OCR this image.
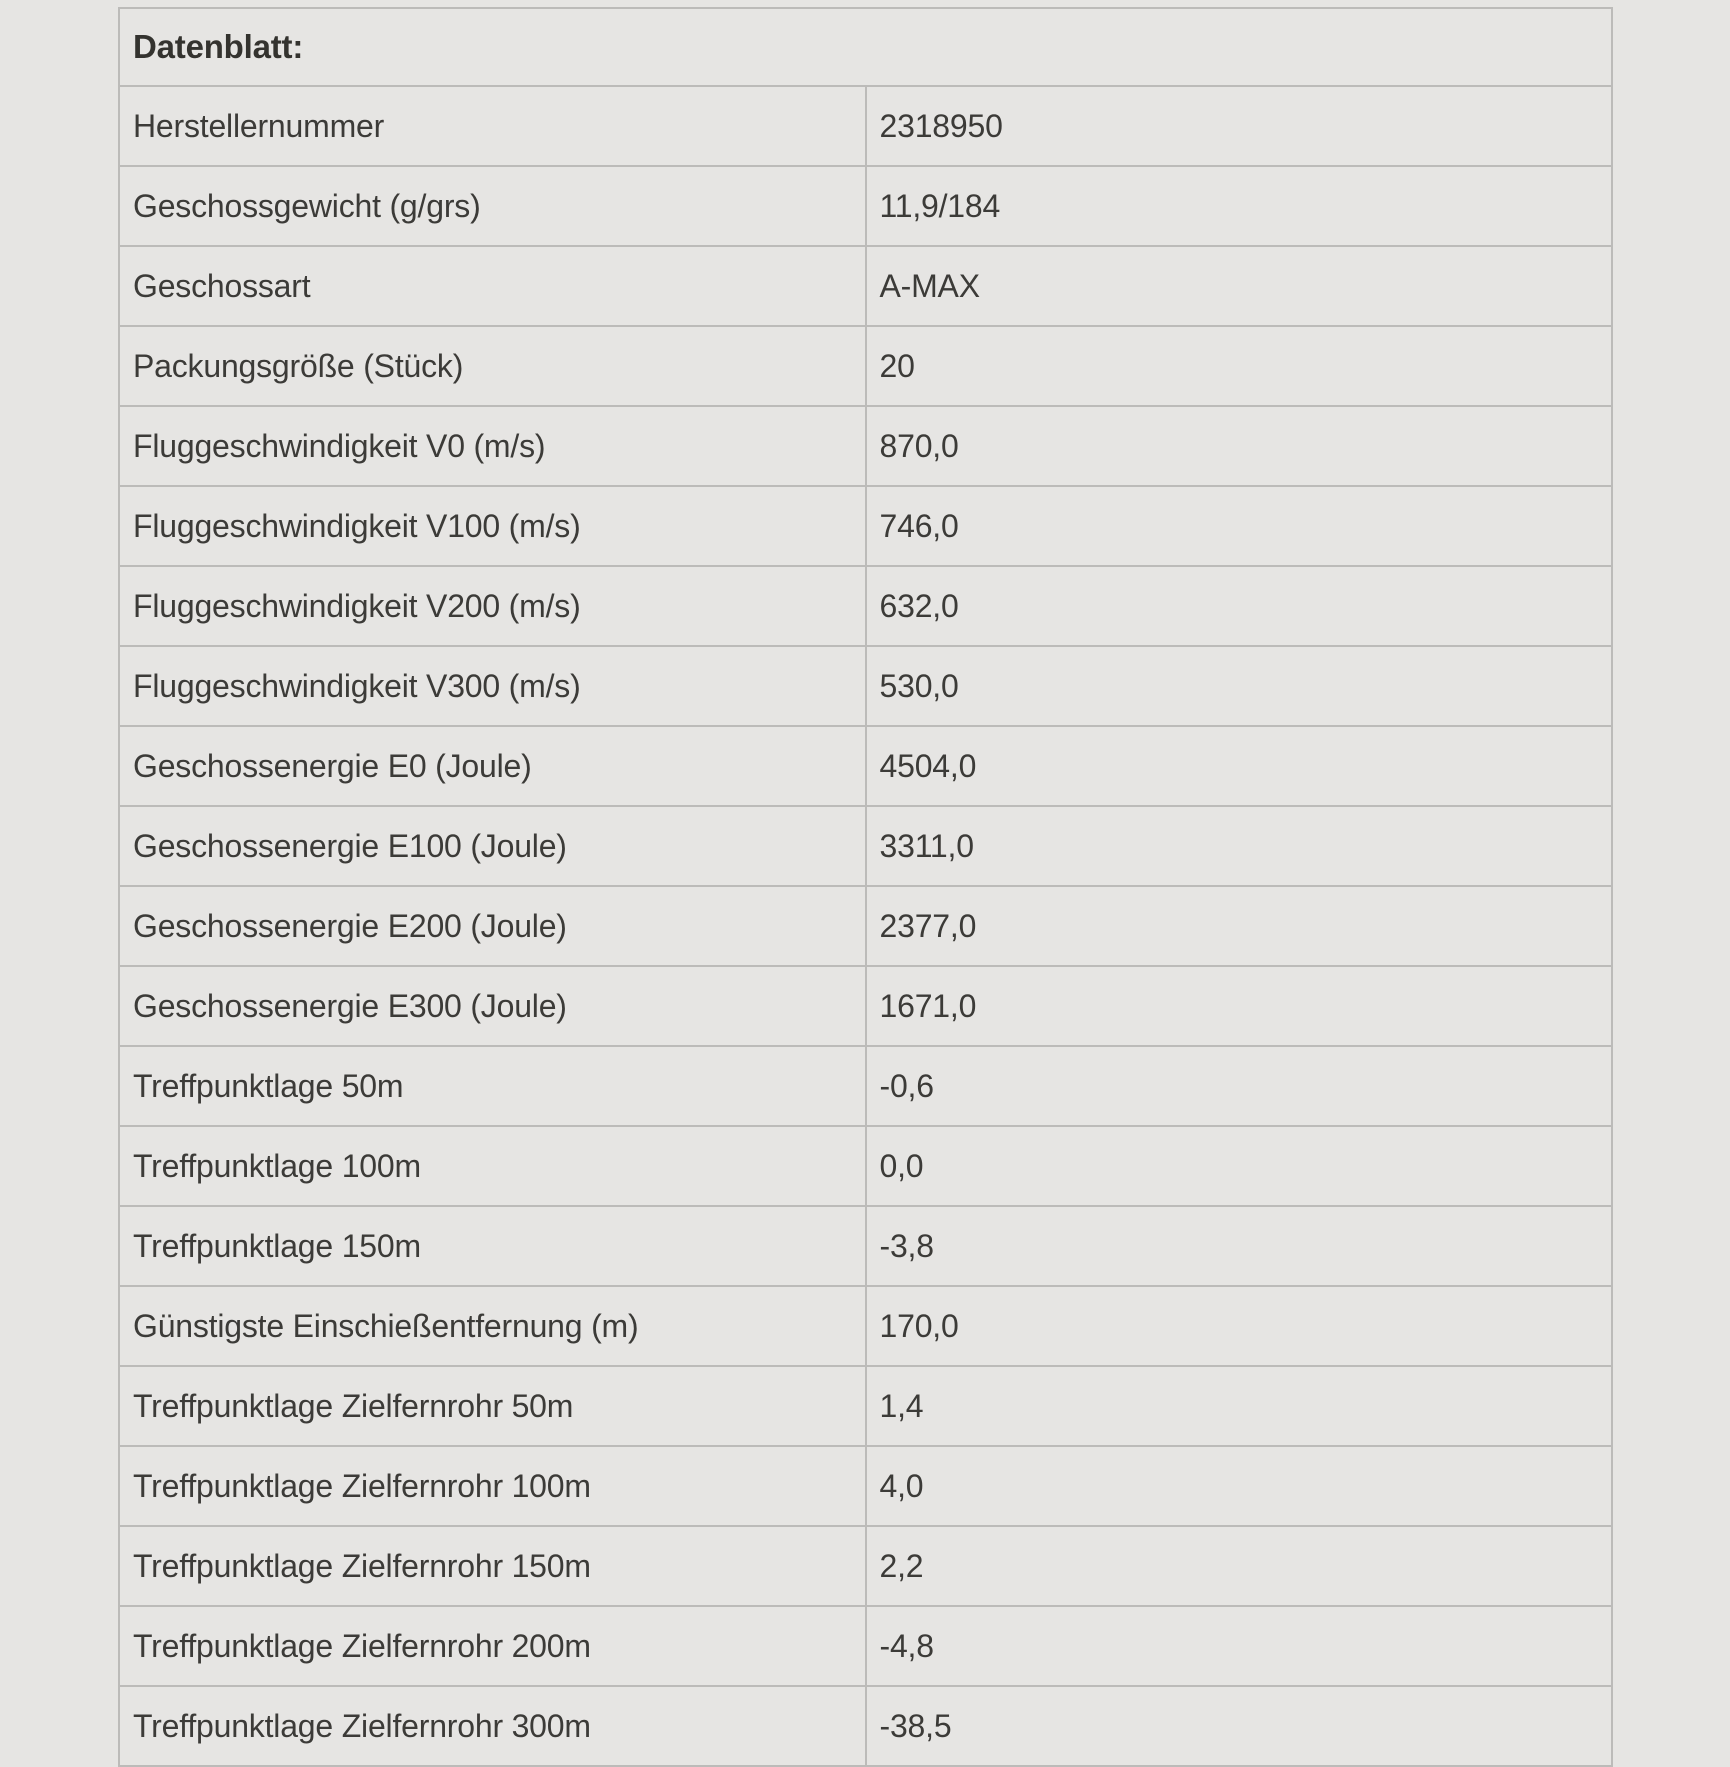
Datenblatt:	
Herstellernummer	2318950
Geschossgewicht (g/grs)	11,9/184
Geschossart	A-MAX
Packungsgröße (Stück)	20
Fluggeschwindigkeit V0 (m/s)	870,0
Fluggeschwindigkeit V100 (m/s)	746,0
Fluggeschwindigkeit V200 (m/s)	632,0
Fluggeschwindigkeit V300 (m/s)	530,0
Geschossenergie E0 (Joule)	4504,0
Geschossenergie E100 (Joule)	3311,0
Geschossenergie E200 (Joule)	2377,0
Geschossenergie E300 (Joule)	1671,0
Treffpunktlage 50m	-0,6
Treffpunktlage 100m	0,0
Treffpunktlage 150m	-3,8
Günstigste Einschießentfernung (m)	170,0
Treffpunktlage Zielfernrohr 50m	1,4
Treffpunktlage Zielfernrohr 100m	4,0
Treffpunktlage Zielfernrohr 150m	2,2
Treffpunktlage Zielfernrohr 200m	-4,8
Treffpunktlage Zielfernrohr 300m	-38,5
